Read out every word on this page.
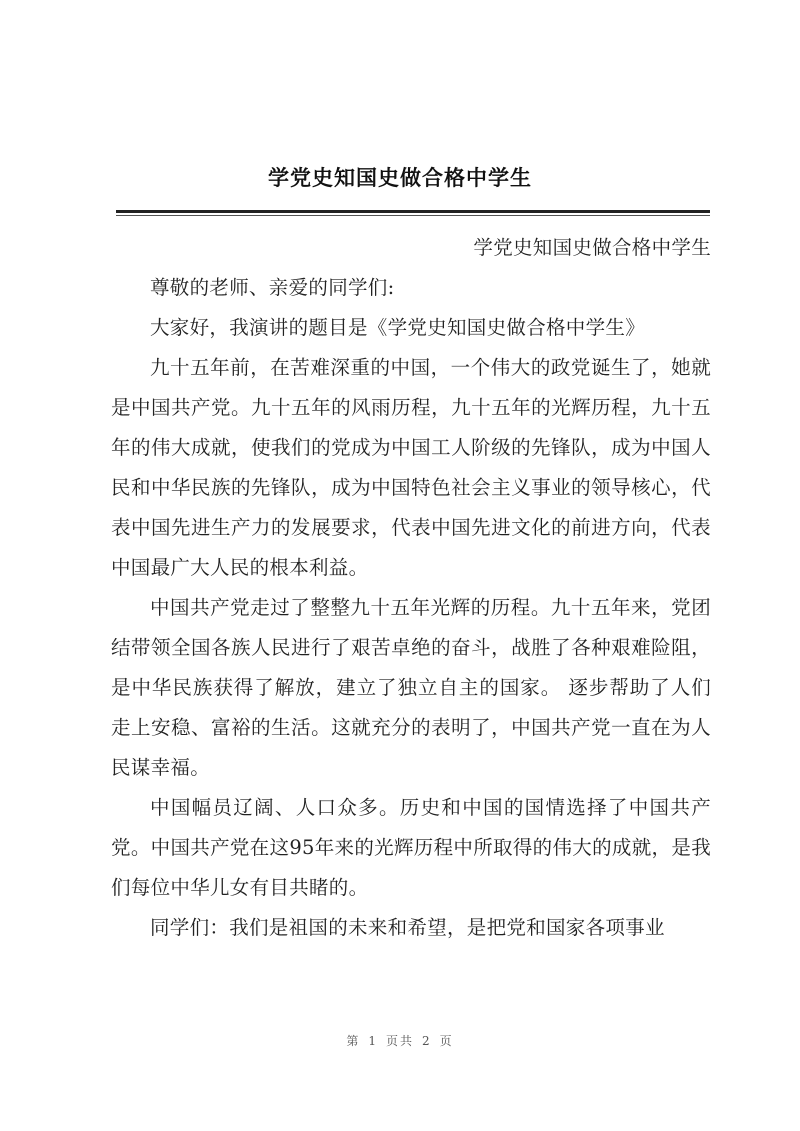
学党史知国史做合格中学生

学党史知国史做合格中学生

尊敬的老师、亲爱的同学们:

大家好，我演讲的题目是《学党史知国史做合格中学生》

九十五年前，在苦难深重的中国，一个伟大的政党诞生了，她就是中国共产党。九十五年的风雨历程，九十五年的光辉历程，九十五年的伟大成就，使我们的党成为中国工人阶级的先锋队，成为中国人民和中华民族的先锋队，成为中国特色社会主义事业的领导核心，代表中国先进生产力的发展要求，代表中国先进文化的前进方向，代表中国最广大人民的根本利益。

中国共产党走过了整整九十五年光辉的历程。九十五年来，党团结带领全国各族人民进行了艰苦卓绝的奋斗，战胜了各种艰难险阻，是中华民族获得了解放，建立了独立自主的国家。 逐步帮助了人们走上安稳、富裕的生活。这就充分的表明了，中国共产党一直在为人民谋幸福。

中国幅员辽阔、人口众多。历史和中国的国情选择了中国共产党。中国共产党在这95年来的光辉历程中所取得的伟大的成就，是我们每位中华儿女有目共睹的。

同学们：我们是祖国的未来和希望，是把党和国家各项事业

第 1 页共 2 页
